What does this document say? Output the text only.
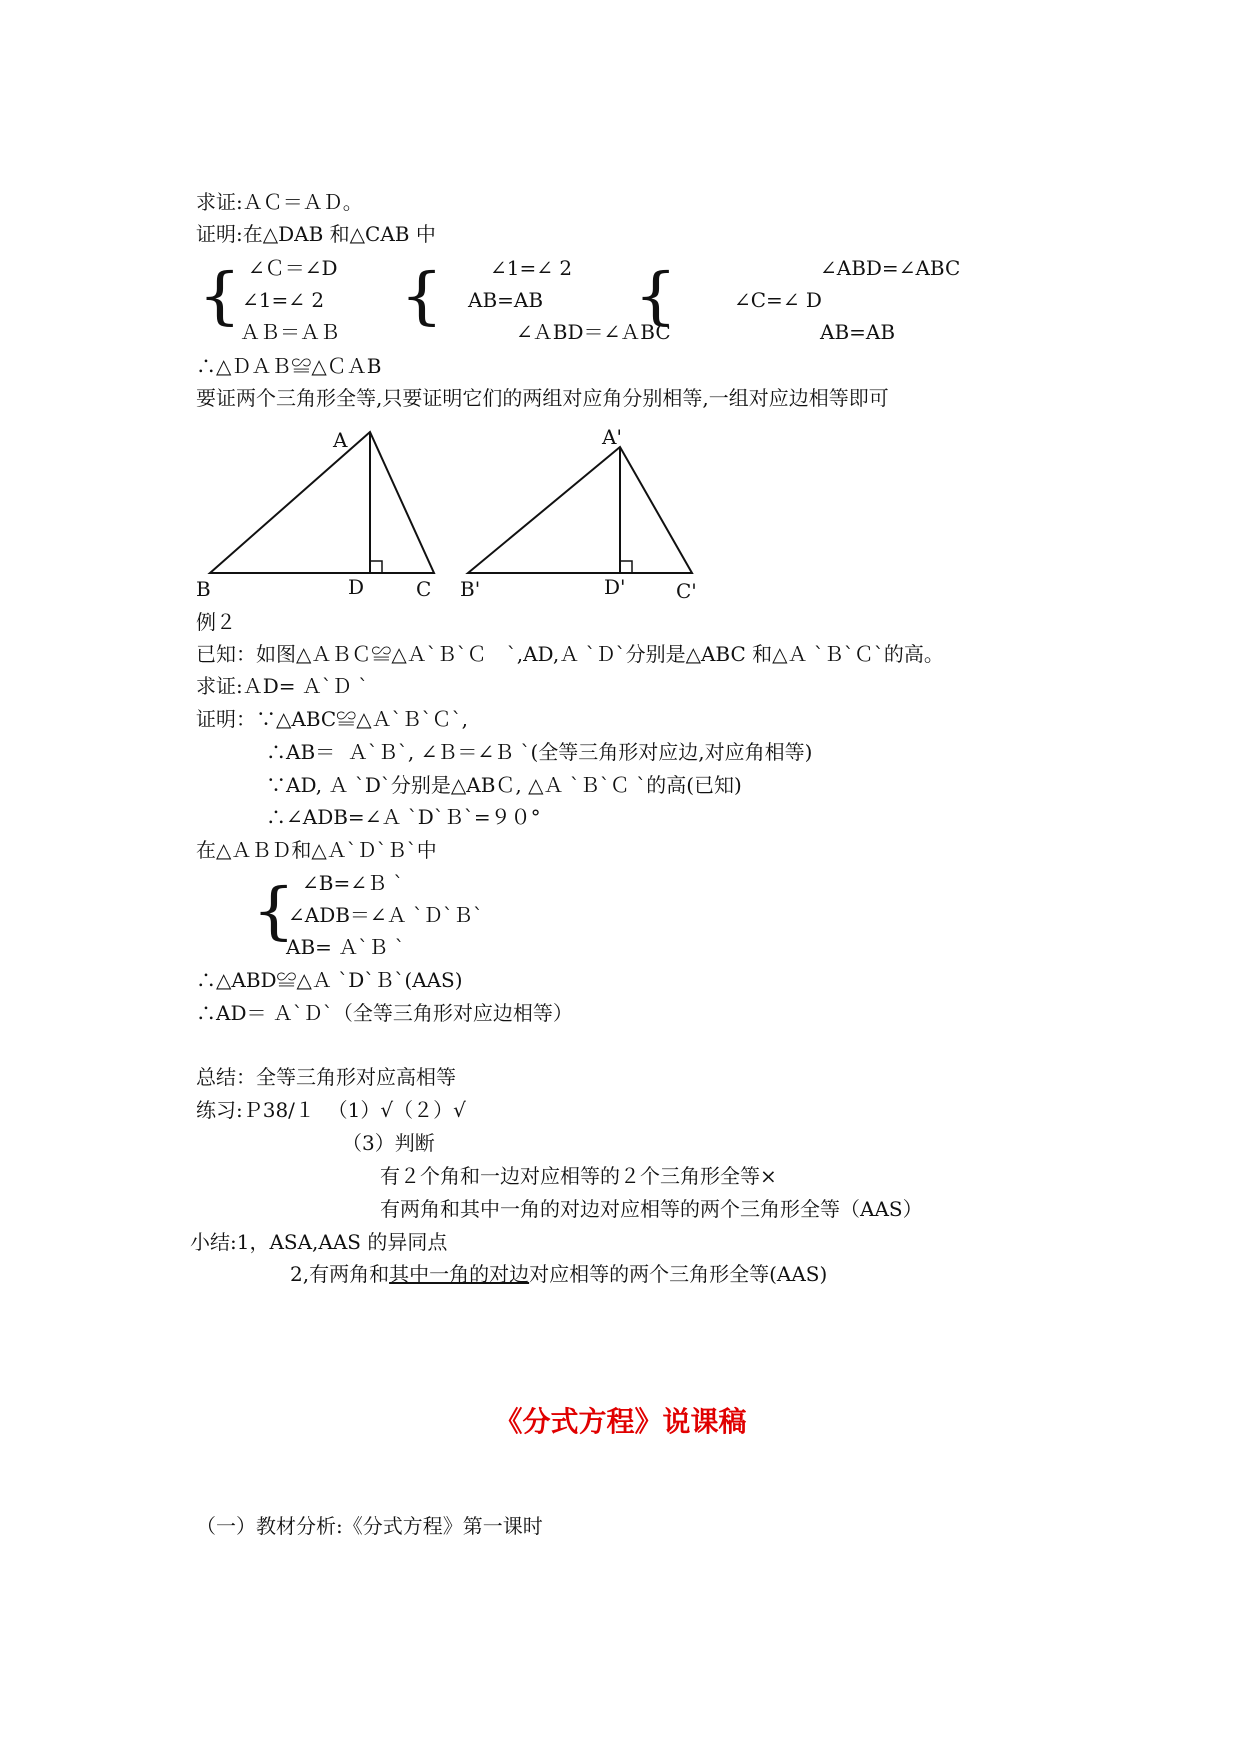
求证:ＡＣ＝ＡＤ。
证明:在△DAB 和△CAB 中
{ ∠Ｃ＝∠D
∠1=∠ 2
ＡＢ＝ＡＢ { ∠1=∠ 2
AB=AB
∠ＡBD＝∠ＡBC
{	∠ABD=∠ABC
∠C=∠ D
AB=AB
∴△ＤＡＢ≌△ＣＡB
要证两个三角形全等,只要证明它们的两组对应角分别相等,一组对应边相等即可
A
B	D	C
A'
B'	D'	C'
例２
已知：如图△ＡＢＣ≌△Ａ`Ｂ`Ｃ　`,AD,Ａ `Ｄ`分别是△ABC 和△Ａ `Ｂ`Ｃ`的高。
求证:ＡD= Ａ`Ｄ `
证明：∵△ABC≌△Ａ`Ｂ`Ｃ`,
∴AB＝  Ａ`Ｂ`, ∠Ｂ＝∠Ｂ `(全等三角形对应边,对应角相等)
∵AD, Ａ `D`分别是△ABＣ, △Ａ `Ｂ`Ｃ `的高(已知)
∴∠ADB=∠Ａ `D`Ｂ`=９０°
在△ＡＢＤ和△Ａ`Ｄ`Ｂ`中
{ ∠B=∠Ｂ `
∠ADB＝∠Ａ `Ｄ`Ｂ`
AB= Ａ`Ｂ `
∴△ABD≌△Ａ `D`Ｂ`(AAS)
∴AD＝ Ａ`Ｄ`（全等三角形对应边相等）
总结：全等三角形对应高相等
练习:Ｐ38/１  （1）√（２）√
（3）判断
有２个角和一边对应相等的２个三角形全等×
有两角和其中一角的对边对应相等的两个三角形全等（AAS）
小结:1，ASA,AAS 的异同点
2,有两角和其中一角的对边对应相等的两个三角形全等(AAS)
《分式方程》说课稿
（一）教材分析:《分式方程》第一课时
